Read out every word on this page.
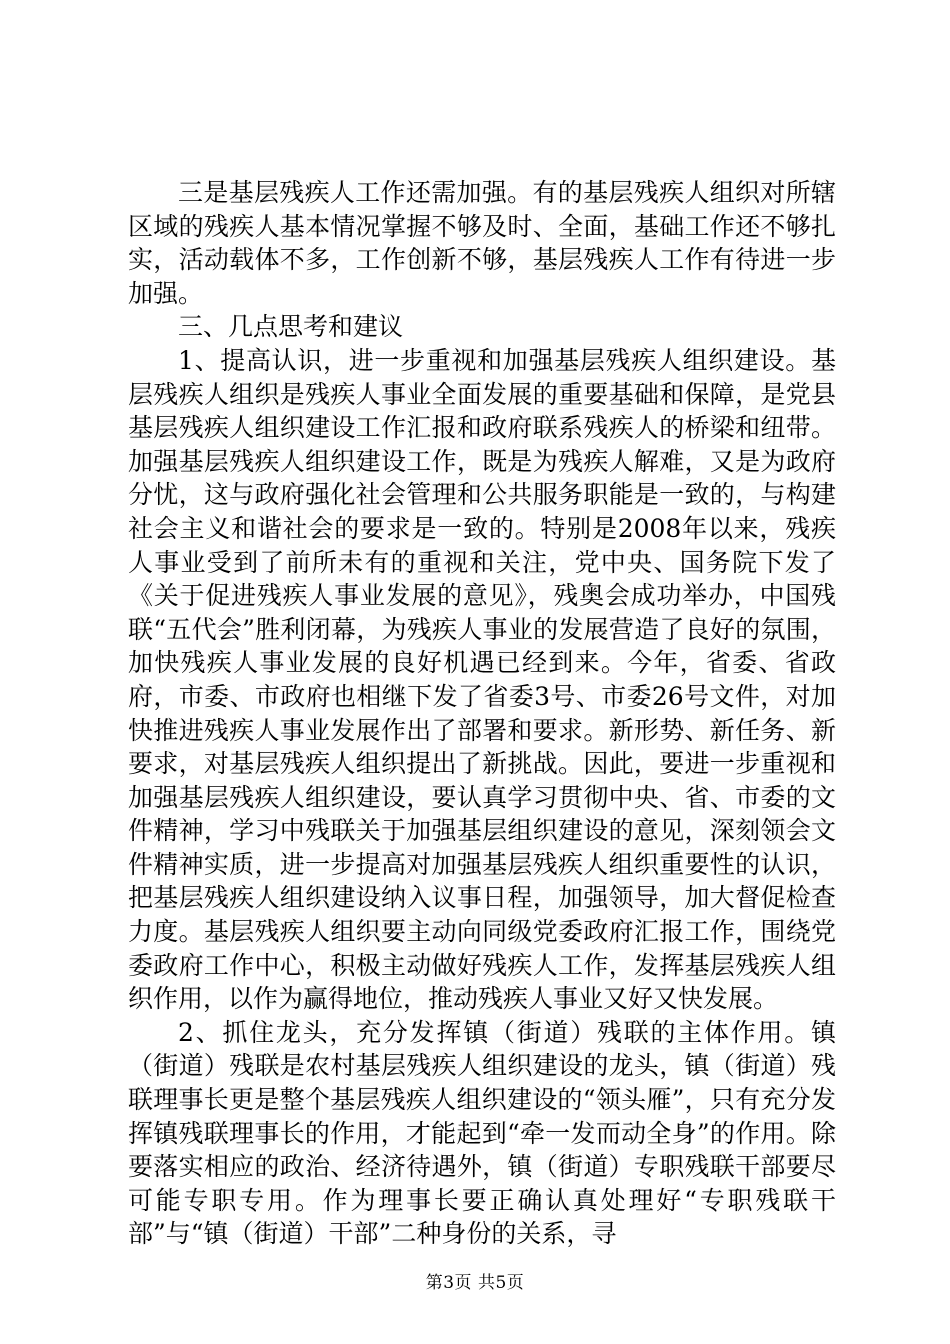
三是基层残疾人工作还需加强。有的基层残疾人组织对所辖区域的残疾人基本情况掌握不够及时、全面，基础工作还不够扎实，活动载体不多，工作创新不够，基层残疾人工作有待进一步加强。

三、几点思考和建议

1、提高认识，进一步重视和加强基层残疾人组织建设。基层残疾人组织是残疾人事业全面发展的重要基础和保障，是党县基层残疾人组织建设工作汇报和政府联系残疾人的桥梁和纽带。加强基层残疾人组织建设工作，既是为残疾人解难，又是为政府分忧，这与政府强化社会管理和公共服务职能是一致的，与构建社会主义和谐社会的要求是一致的。特别是2008年以来，残疾人事业受到了前所未有的重视和关注，党中央、国务院下发了《关于促进残疾人事业发展的意见》，残奥会成功举办，中国残联“五代会”胜利闭幕，为残疾人事业的发展营造了良好的氛围，加快残疾人事业发展的良好机遇已经到来。今年，省委、省政府，市委、市政府也相继下发了省委3号、市委26号文件，对加快推进残疾人事业发展作出了部署和要求。新形势、新任务、新要求，对基层残疾人组织提出了新挑战。因此，要进一步重视和加强基层残疾人组织建设，要认真学习贯彻中央、省、市委的文件精神，学习中残联关于加强基层组织建设的意见，深刻领会文件精神实质，进一步提高对加强基层残疾人组织重要性的认识，把基层残疾人组织建设纳入议事日程，加强领导，加大督促检查力度。基层残疾人组织要主动向同级党委政府汇报工作，围绕党委政府工作中心，积极主动做好残疾人工作，发挥基层残疾人组织作用，以作为赢得地位，推动残疾人事业又好又快发展。

2、抓住龙头，充分发挥镇（街道）残联的主体作用。镇（街道）残联是农村基层残疾人组织建设的龙头，镇（街道）残联理事长更是整个基层残疾人组织建设的“领头雁”，只有充分发挥镇残联理事长的作用，才能起到“牵一发而动全身”的作用。除要落实相应的政治、经济待遇外，镇（街道）专职残联干部要尽可能专职专用。作为理事长要正确认真处理好“专职残联干部”与“镇（街道）干部”二种身份的关系，寻

第3页 共5页
